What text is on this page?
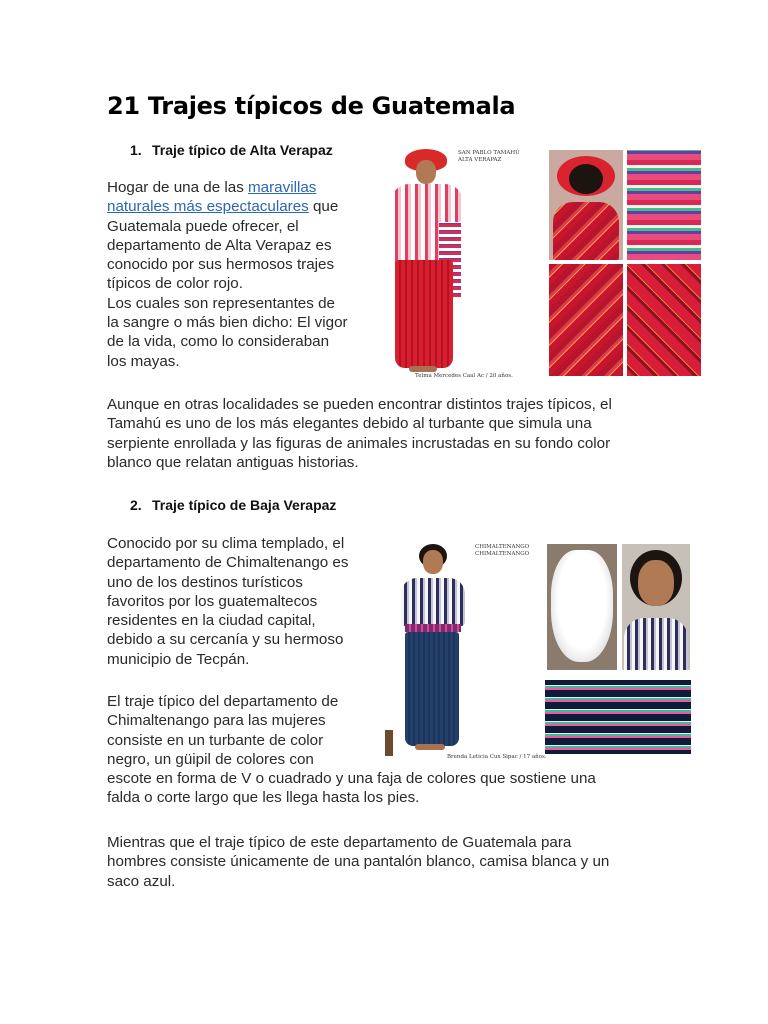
21 Trajes típicos de Guatemala
1. Traje típico de Alta Verapaz

Hogar de una de las maravillas
naturales más espectaculares que
Guatemala puede ofrecer, el
departamento de Alta Verapaz es
conocido por sus hermosos trajes
típicos de color rojo.
Los cuales son representantes de
la sangre o más bien dicho: El vigor
de la vida, como lo consideraban
los mayas.

SAN PABLO TAMAHÚ
ALTA VERAPAZ
Telma Mercedes Caal Ac / 20 años.

Aunque en otras localidades se pueden encontrar distintos trajes típicos, el
Tamahú es uno de los más elegantes debido al turbante que simula una
serpiente enrollada y las figuras de animales incrustadas en su fondo color
blanco que relatan antiguas historias.

2. Traje típico de Baja Verapaz

Conocido por su clima templado, el
departamento de Chimaltenango es
uno de los destinos turísticos
favoritos por los guatemaltecos
residentes en la ciudad capital,
debido a su cercanía y su hermoso
municipio de Tecpán.

CHIMALTENANGO
CHIMALTENANGO
Brenda Leticia Cux Sipac / 17 años.

El traje típico del departamento de
Chimaltenango para las mujeres
consiste en un turbante de color
negro, un güipil de colores con
escote en forma de V o cuadrado y una faja de colores que sostiene una
falda o corte largo que les llega hasta los pies.

Mientras que el traje típico de este departamento de Guatemala para
hombres consiste únicamente de una pantalón blanco, camisa blanca y un
saco azul.
